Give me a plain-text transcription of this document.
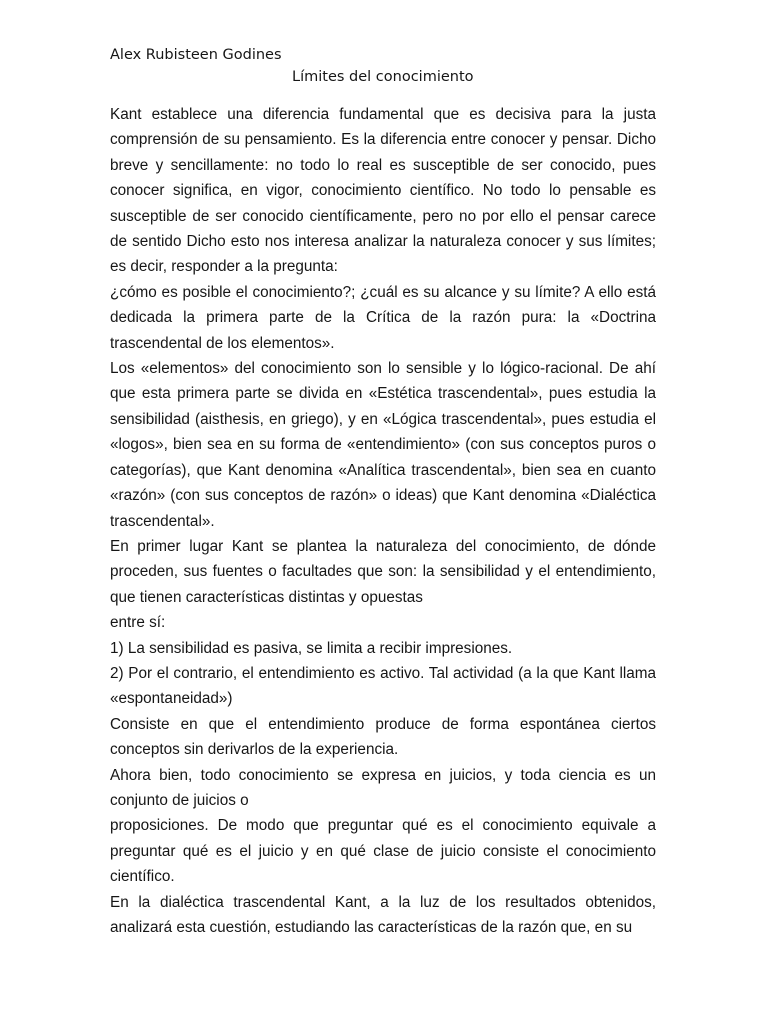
Alex Rubisteen Godines

Límites del conocimiento

Kant establece una diferencia fundamental que es decisiva para la justa comprensión de su pensamiento. Es la diferencia entre conocer y pensar. Dicho breve y sencillamente: no todo lo real es susceptible de ser conocido, pues conocer significa, en vigor, conocimiento científico. No todo lo pensable es susceptible de ser conocido científicamente, pero no por ello el pensar carece de sentido Dicho esto nos interesa analizar la naturaleza conocer y sus límites; es decir, responder a la pregunta:

¿cómo es posible el conocimiento?; ¿cuál es su alcance y su límite? A ello está dedicada la primera parte de la Crítica de la razón pura: la «Doctrina trascendental de los elementos».

Los «elementos» del conocimiento son lo sensible y lo lógico-racional. De ahí que esta primera parte se divida en «Estética trascendental», pues estudia la sensibilidad (aisthesis, en griego), y en «Lógica trascendental», pues estudia el «logos», bien sea en su forma de «entendimiento» (con sus conceptos puros o categorías), que Kant denomina «Analítica trascendental», bien sea en cuanto «razón» (con sus conceptos de razón» o ideas) que Kant denomina «Dialéctica trascendental».

En primer lugar Kant se plantea la naturaleza del conocimiento, de dónde proceden, sus fuentes o facultades que son: la sensibilidad y el entendimiento, que tienen características distintas y opuestas

entre sí:

1) La sensibilidad es pasiva, se limita a recibir impresiones.

2) Por el contrario, el entendimiento es activo. Tal actividad (a la que Kant llama «espontaneidad»)

Consiste en que el entendimiento produce de forma espontánea ciertos conceptos sin derivarlos de la experiencia.

Ahora bien, todo conocimiento se expresa en juicios, y toda ciencia es un conjunto de juicios o

proposiciones. De modo que preguntar qué es el conocimiento equivale a preguntar qué es el juicio y en qué clase de juicio consiste el conocimiento científico.

En la dialéctica trascendental Kant, a la luz de los resultados obtenidos, analizará esta cuestión, estudiando las características de la razón que, en su
